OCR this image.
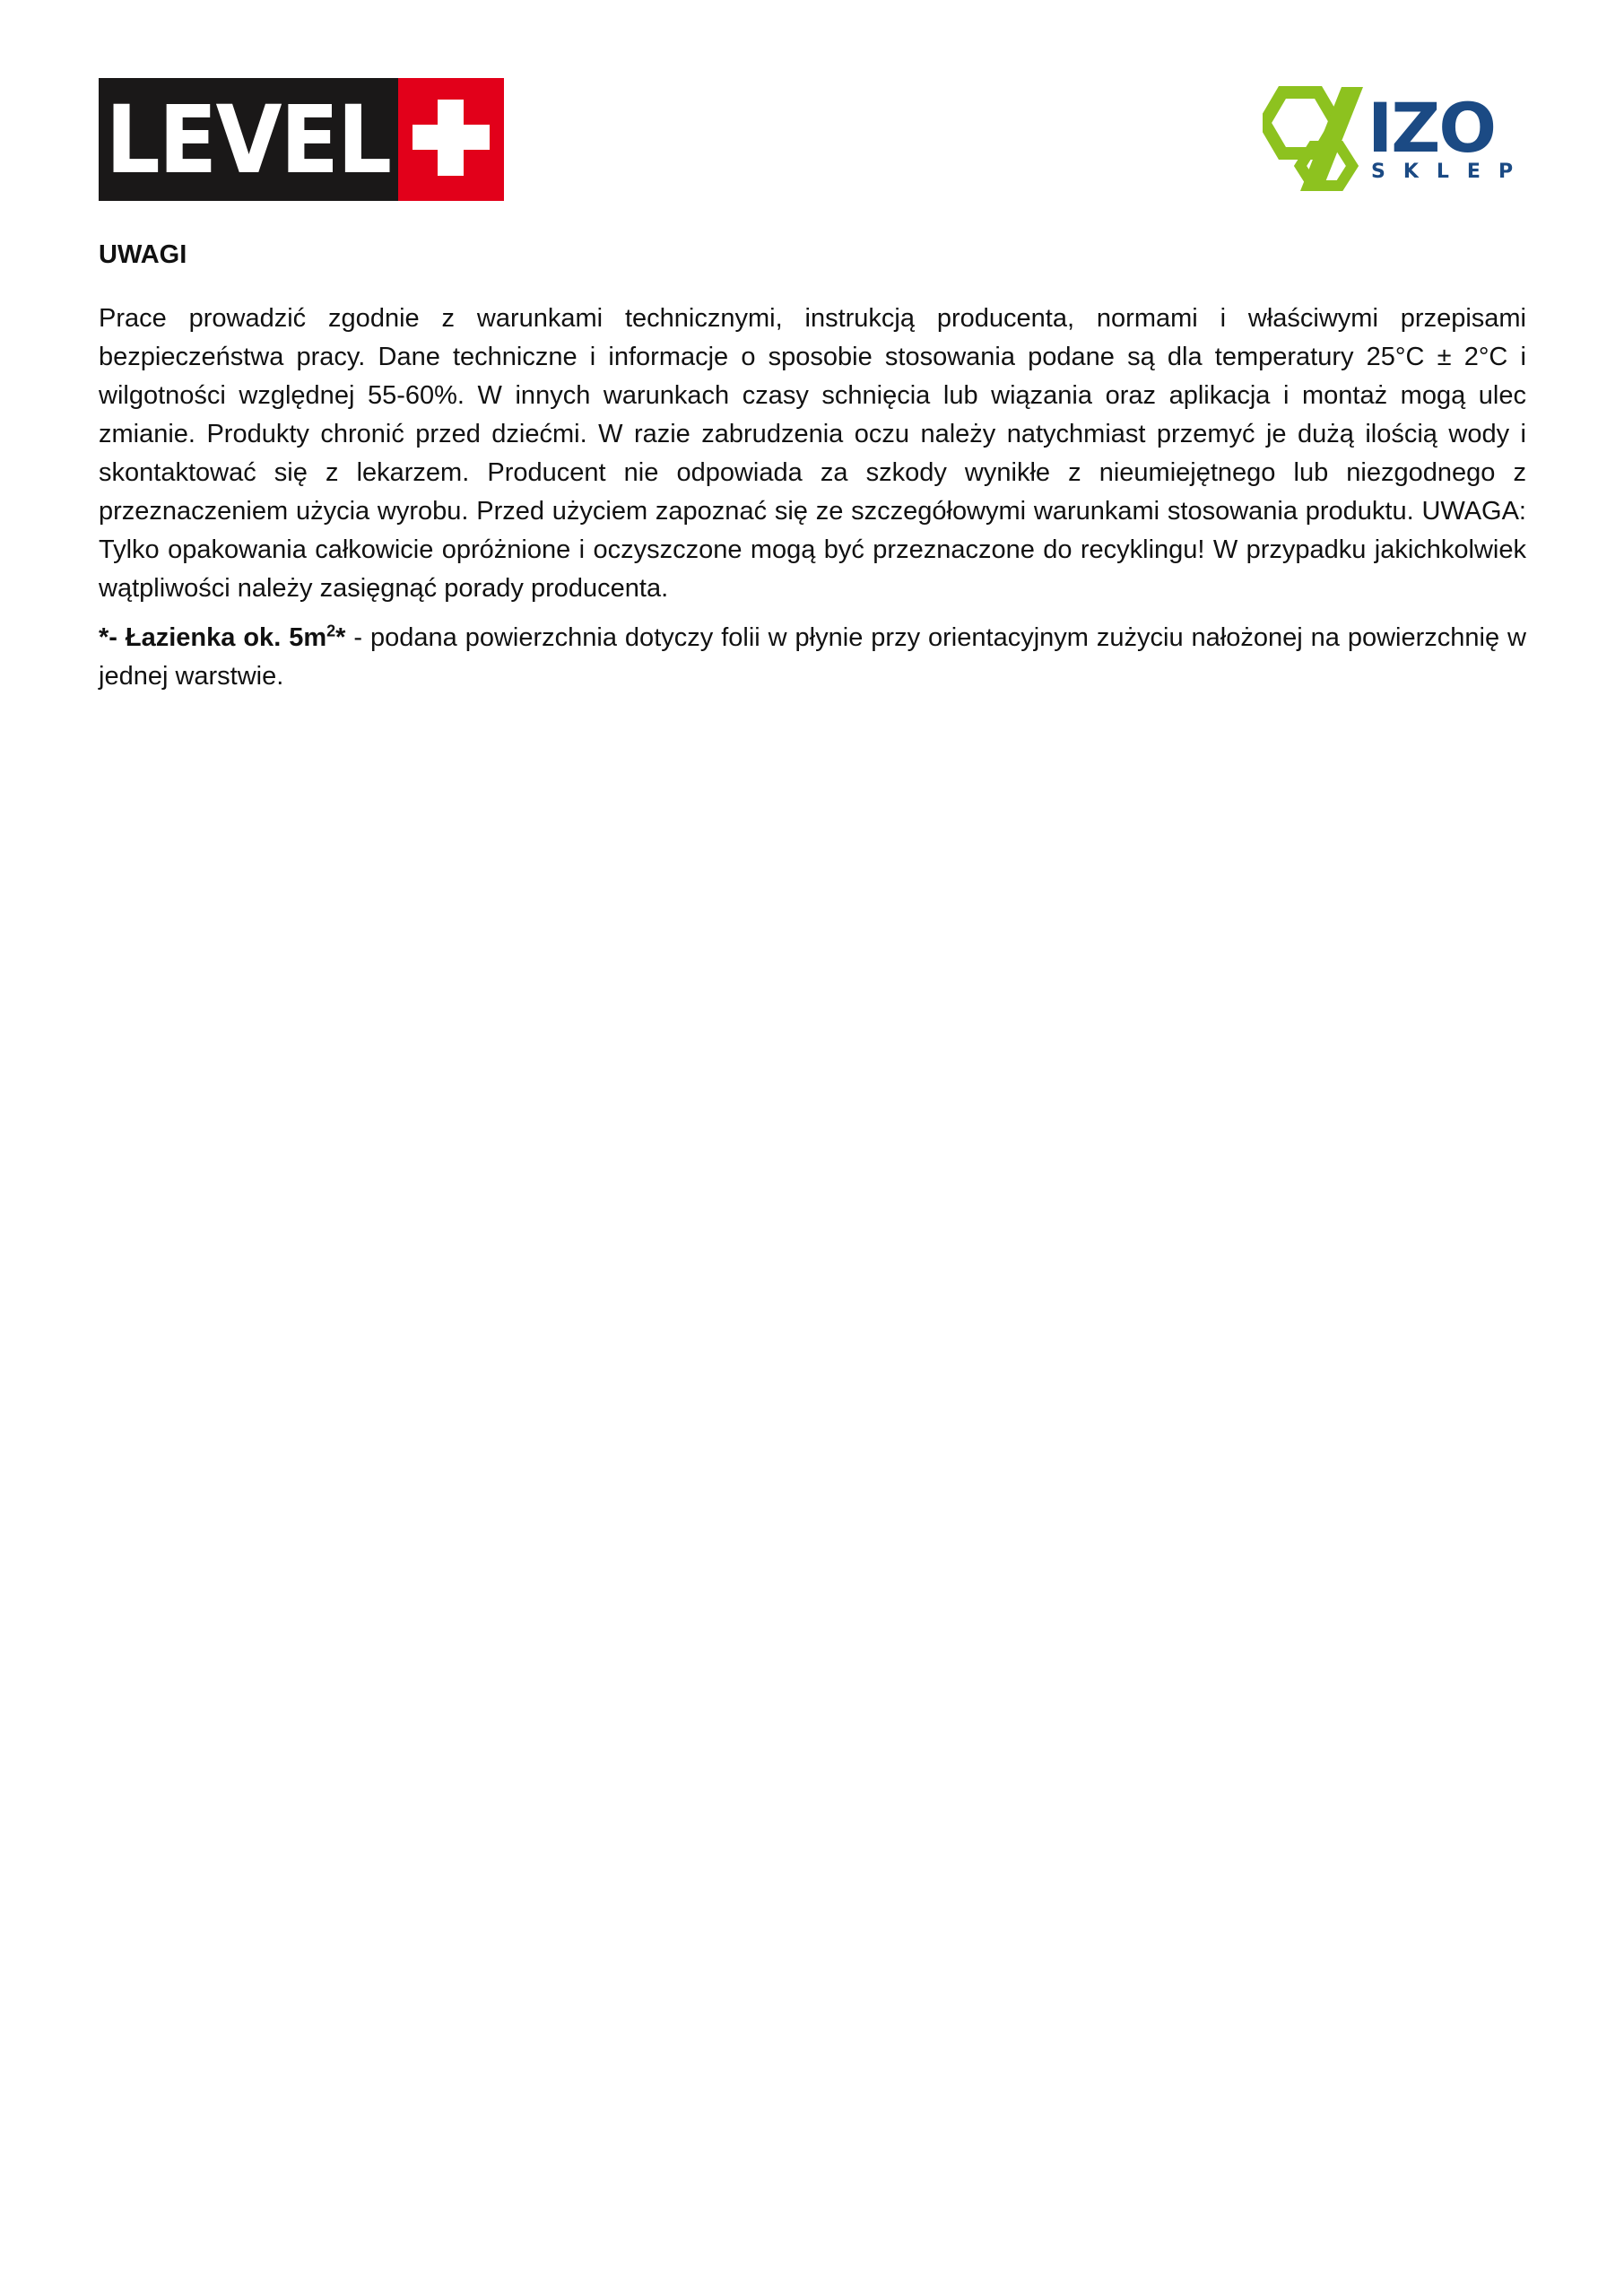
LEVEL	IZO
SKLEP
UWAGI

Prace prowadzić zgodnie z warunkami technicznymi, instrukcją producenta, normami i właściwymi przepisami bezpieczeństwa pracy. Dane techniczne i informacje o sposobie stosowania podane są dla temperatury 25°C ± 2°C i wilgotności względnej 55-60%. W innych warunkach czasy schnięcia lub wiązania oraz aplikacja i montaż mogą ulec zmianie. Produkty chronić przed dziećmi. W razie zabrudzenia oczu należy natychmiast przemyć je dużą ilością wody i skontaktować się z lekarzem. Producent nie odpowiada za szkody wynikłe z nieumiejętnego lub niezgodnego z przeznaczeniem użycia wyrobu. Przed użyciem zapoznać się ze szczegółowymi warunkami stosowania produktu. UWAGA: Tylko opakowania całkowicie opróżnione i oczyszczone mogą być przeznaczone do recyklingu! W przypadku jakichkolwiek wątpliwości należy zasięgnąć porady producenta.

*- Łazienka ok. $5m^2*$ - podana powierzchnia dotyczy folii w płynie przy orientacyjnym zużyciu nałożonej na powierzchnię w jednej warstwie.
